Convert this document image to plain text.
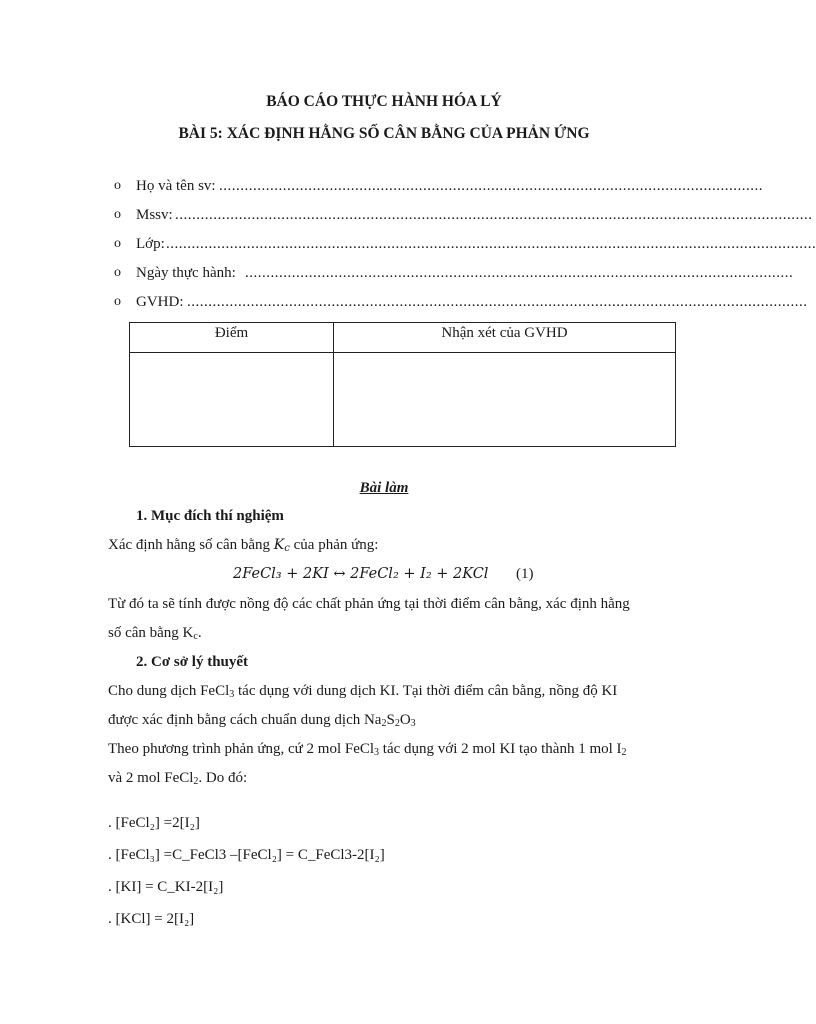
BÁO CÁO THỰC HÀNH HÓA LÝ
BÀI 5: XÁC ĐỊNH HẰNG SỐ CÂN BẰNG CỦA PHẢN ỨNG
o Họ và tên sv: ................................................................................................................................
o Mssv: ......................................................................................................................................................
o Lớp: .........................................................................................................................................................
o Ngày thực hành: .................................................................................................................................
o GVHD: ..................................................................................................................................................
Điểm	Nhận xét của GVHD

Bài làm
1. Mục đích thí nghiệm
Xác định hằng số cân bằng $K_c$ của phản ứng:
2FeCl₃ + 2KI ↔ 2FeCl₂ + I₂ + 2KCl (1)
Từ đó ta sẽ tính được nồng độ các chất phản ứng tại thời điểm cân bằng, xác định hằng
số cân bằng $K_c$.
2. Cơ sở lý thuyết
Cho dung dịch FeCl$_3$ tác dụng với dung dịch KI. Tại thời điểm cân bằng, nồng độ KI
được xác định bằng cách chuẩn dung dịch $Na_2S_2O_3$
Theo phương trình phản ứng, cứ 2 mol FeCl$_3$ tác dụng với 2 mol KI tạo thành 1 mol $I_2$
và 2 mol FeCl$_2$. Do đó:
. [FeCl₂] =2[I₂]
. [FeCl₃] =C_FeCl3 –[FeCl₂] = C_FeCl3-2[I₂]
. [KI] = C_KI-2[I₂]
. [KCl] = 2[I₂]
